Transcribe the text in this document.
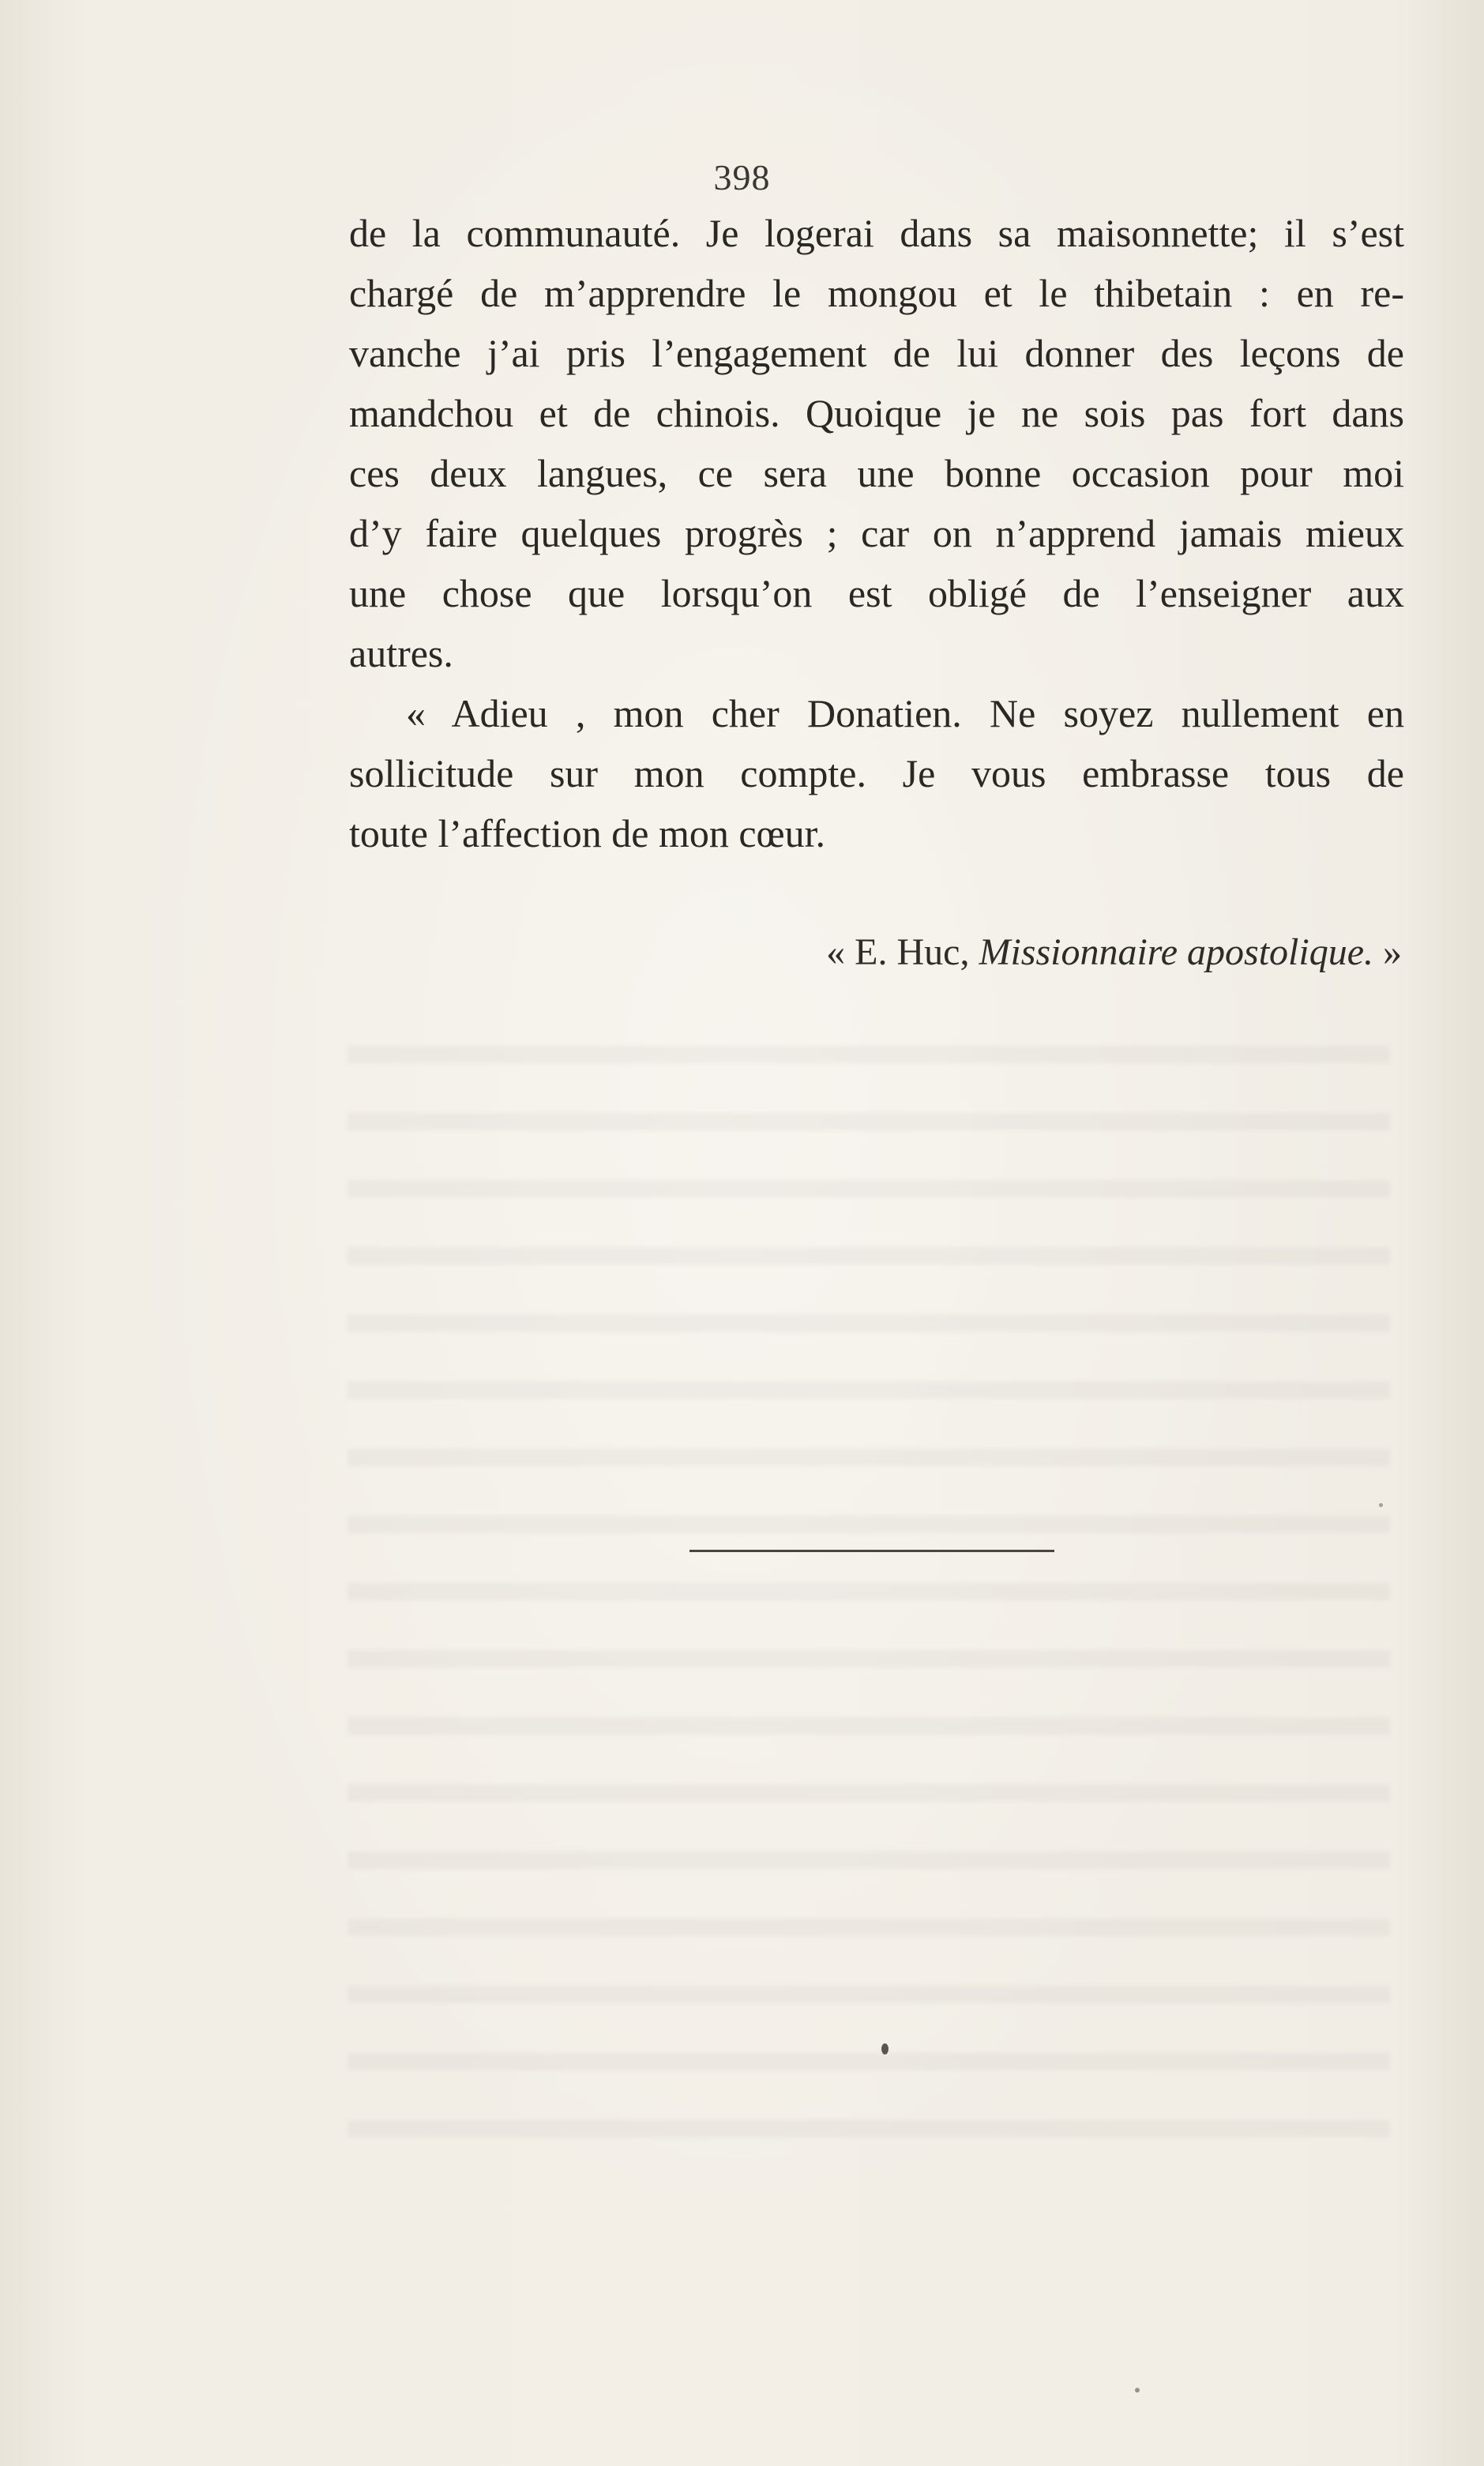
398
de la communauté. Je logerai dans sa maisonnette; il s’est
chargé de m’apprendre le mongou et le thibetain : en re-
vanche j’ai pris l’engagement de lui donner des leçons de
mandchou et de chinois. Quoique je ne sois pas fort dans
ces deux langues, ce sera une bonne occasion pour moi
d’y faire quelques progrès ; car on n’apprend jamais mieux
une chose que lorsqu’on est obligé de l’enseigner aux
autres.
« Adieu , mon cher Donatien. Ne soyez nullement en
sollicitude sur mon compte. Je vous embrasse tous de
toute l’affection de mon cœur.
« E. Huc, Missionnaire apostolique. »
